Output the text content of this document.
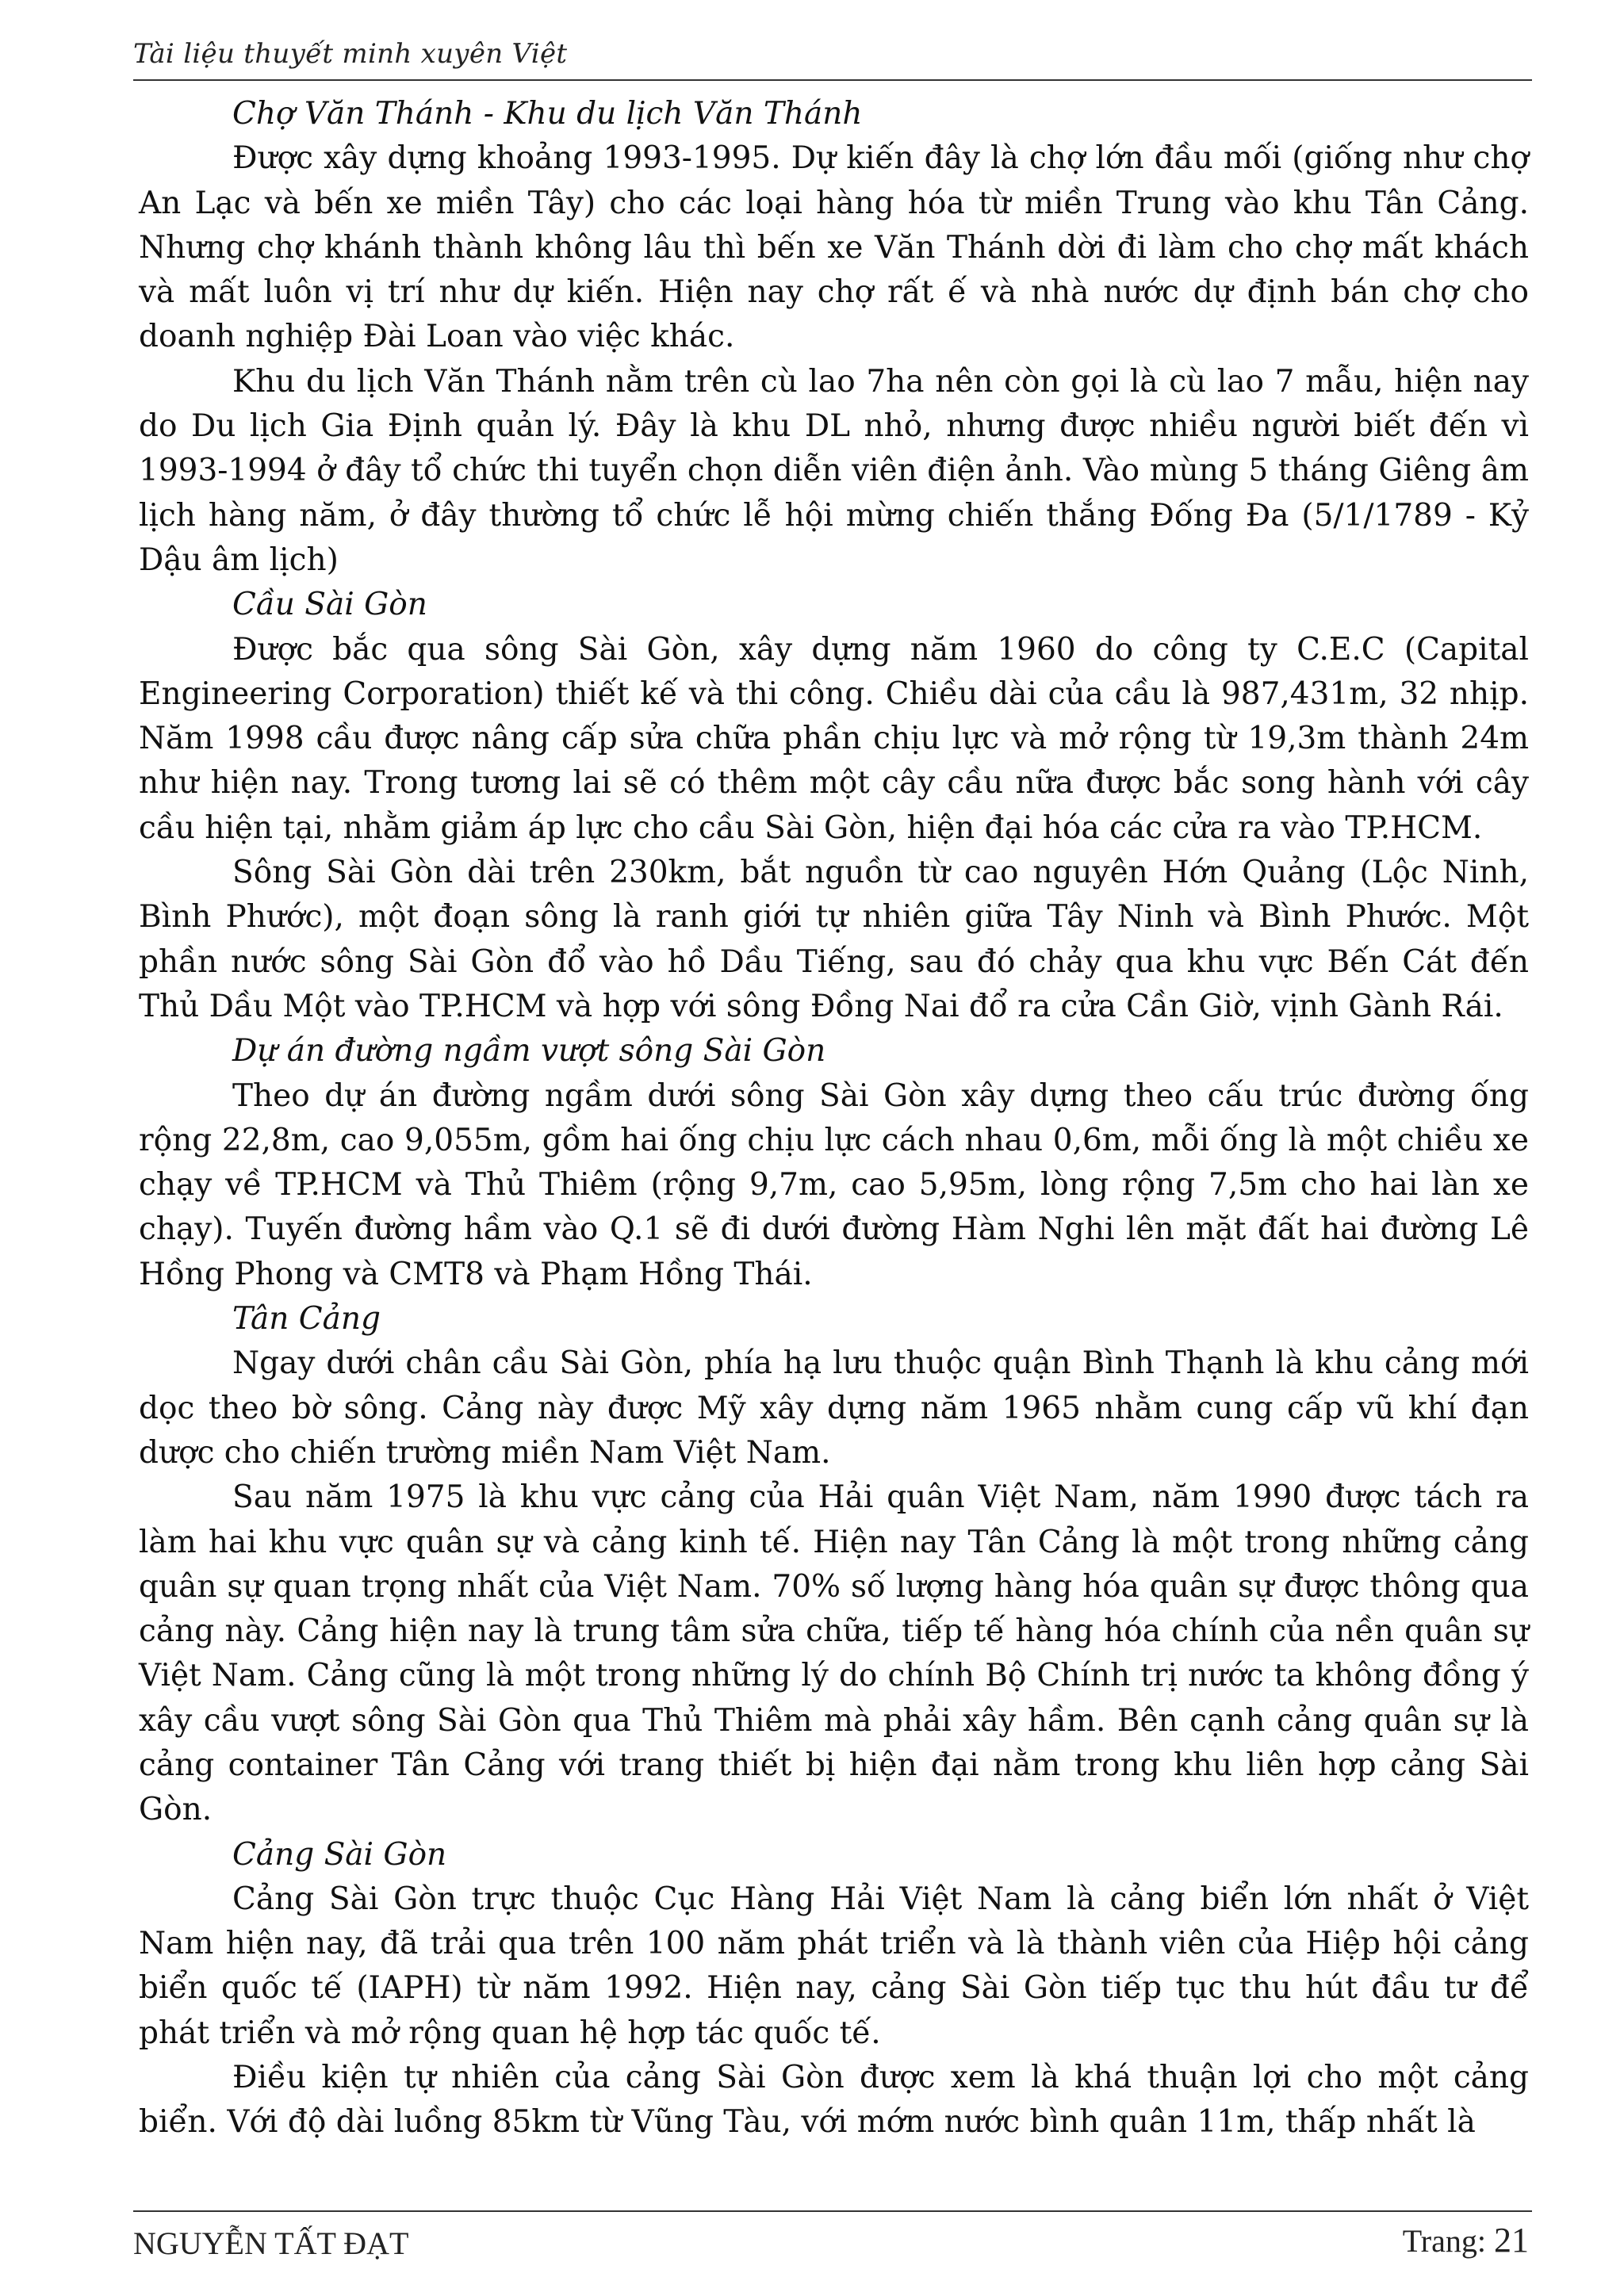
Tài liệu thuyết minh xuyên Việt
Chợ Văn Thánh - Khu du lịch Văn Thánh

Được xây dựng khoảng 1993-1995. Dự kiến đây là chợ lớn đầu mối (giống như chợ An Lạc và bến xe miền Tây) cho các loại hàng hóa từ miền Trung vào khu Tân Cảng. Nhưng chợ khánh thành không lâu thì bến xe Văn Thánh dời đi làm cho chợ mất khách và mất luôn vị trí như dự kiến. Hiện nay chợ rất ế và nhà nước dự định bán chợ cho doanh nghiệp Đài Loan vào việc khác.

Khu du lịch Văn Thánh nằm trên cù lao 7ha nên còn gọi là cù lao 7 mẫu, hiện nay do Du lịch Gia Định quản lý. Đây là khu DL nhỏ, nhưng được nhiều người biết đến vì 1993-1994 ở đây tổ chức thi tuyển chọn diễn viên điện ảnh. Vào mùng 5 tháng Giêng âm lịch hàng năm, ở đây thường tổ chức lễ hội mừng chiến thắng Đống Đa (5/1/1789 - Kỷ Dậu âm lịch)

Cầu Sài Gòn

Được bắc qua sông Sài Gòn, xây dựng năm 1960 do công ty C.E.C (Capital Engineering Corporation) thiết kế và thi công. Chiều dài của cầu là 987,431m, 32 nhịp. Năm 1998 cầu được nâng cấp sửa chữa phần chịu lực và mở rộng từ 19,3m thành 24m như hiện nay. Trong tương lai sẽ có thêm một cây cầu nữa được bắc song hành với cây cầu hiện tại, nhằm giảm áp lực cho cầu Sài Gòn, hiện đại hóa các cửa ra vào TP.HCM.

Sông Sài Gòn dài trên 230km, bắt nguồn từ cao nguyên Hớn Quảng (Lộc Ninh, Bình Phước), một đoạn sông là ranh giới tự nhiên giữa Tây Ninh và Bình Phước. Một phần nước sông Sài Gòn đổ vào hồ Dầu Tiếng, sau đó chảy qua khu vực Bến Cát đến Thủ Dầu Một vào TP.HCM và hợp với sông Đồng Nai đổ ra cửa Cần Giờ, vịnh Gành Rái.

Dự án đường ngầm vượt sông Sài Gòn

Theo dự án đường ngầm dưới sông Sài Gòn xây dựng theo cấu trúc đường ống rộng 22,8m, cao 9,055m, gồm hai ống chịu lực cách nhau 0,6m, mỗi ống là một chiều xe chạy về TP.HCM và Thủ Thiêm (rộng 9,7m, cao 5,95m, lòng rộng 7,5m cho hai làn xe chạy). Tuyến đường hầm vào Q.1 sẽ đi dưới đường Hàm Nghi lên mặt đất hai đường Lê Hồng Phong và CMT8 và Phạm Hồng Thái.

Tân Cảng

Ngay dưới chân cầu Sài Gòn, phía hạ lưu thuộc quận Bình Thạnh là khu cảng mới dọc theo bờ sông. Cảng này được Mỹ xây dựng năm 1965 nhằm cung cấp vũ khí đạn dược cho chiến trường miền Nam Việt Nam.

Sau năm 1975 là khu vực cảng của Hải quân Việt Nam, năm 1990 được tách ra làm hai khu vực quân sự và cảng kinh tế. Hiện nay Tân Cảng là một trong những cảng quân sự quan trọng nhất của Việt Nam. 70% số lượng hàng hóa quân sự được thông qua cảng này. Cảng hiện nay là trung tâm sửa chữa, tiếp tế hàng hóa chính của nền quân sự Việt Nam. Cảng cũng là một trong những lý do chính Bộ Chính trị nước ta không đồng ý xây cầu vượt sông Sài Gòn qua Thủ Thiêm mà phải xây hầm. Bên cạnh cảng quân sự là cảng container Tân Cảng với trang thiết bị hiện đại nằm trong khu liên hợp cảng Sài Gòn.

Cảng Sài Gòn

Cảng Sài Gòn trực thuộc Cục Hàng Hải Việt Nam là cảng biển lớn nhất ở Việt Nam hiện nay, đã trải qua trên 100 năm phát triển và là thành viên của Hiệp hội cảng biển quốc tế (IAPH) từ năm 1992. Hiện nay, cảng Sài Gòn tiếp tục thu hút đầu tư để phát triển và mở rộng quan hệ hợp tác quốc tế.

Điều kiện tự nhiên của cảng Sài Gòn được xem là khá thuận lợi cho một cảng biển. Với độ dài luồng 85km từ Vũng Tàu, với mớm nước bình quân 11m, thấp nhất là

NGUYỄN TẤT ĐẠT	Trang: 21
